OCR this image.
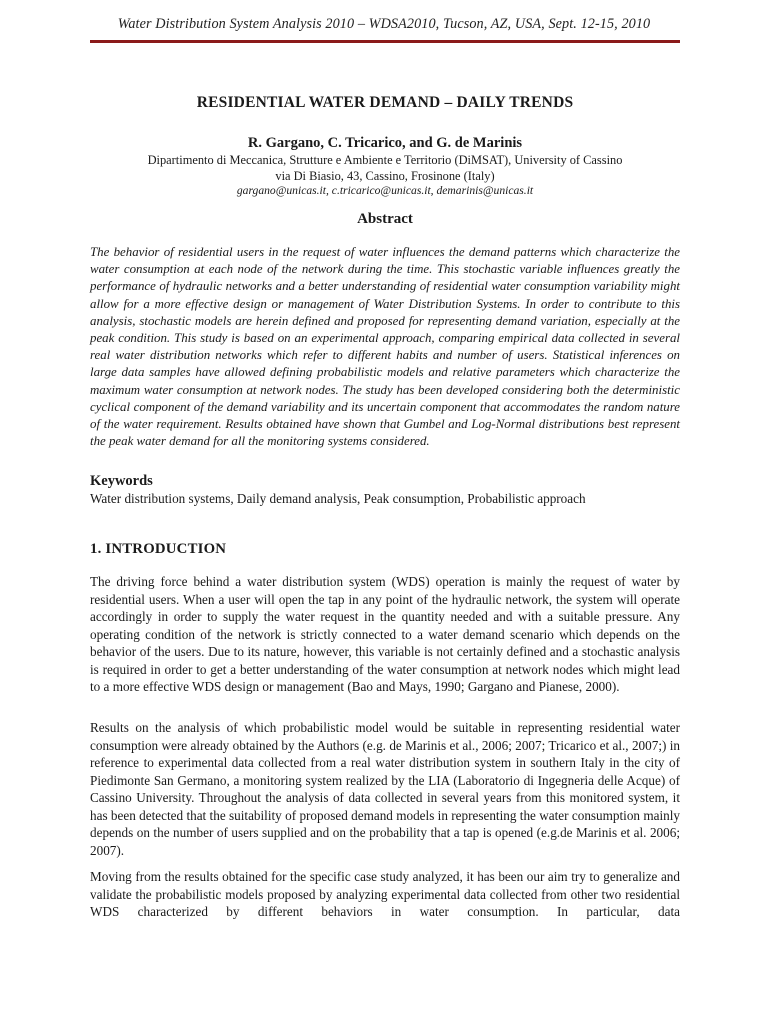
Water Distribution System Analysis 2010 – WDSA2010, Tucson, AZ, USA, Sept. 12-15, 2010
RESIDENTIAL WATER DEMAND – DAILY TRENDS
R. Gargano, C. Tricarico, and G. de Marinis
Dipartimento di Meccanica, Strutture e Ambiente e Territorio (DiMSAT), University of Cassino
via Di Biasio, 43, Cassino, Frosinone (Italy)
gargano@unicas.it, c.tricarico@unicas.it, demarinis@unicas.it
Abstract
The behavior of residential users in the request of water influences the demand patterns which characterize the water consumption at each node of the network during the time. This stochastic variable influences greatly the performance of hydraulic networks and a better understanding of residential water consumption variability might allow for a more effective design or management of Water Distribution Systems. In order to contribute to this analysis, stochastic models are herein defined and proposed for representing demand variation, especially at the peak condition. This study is based on an experimental approach, comparing empirical data collected in several real water distribution networks which refer to different habits and number of users. Statistical inferences on large data samples have allowed defining probabilistic models and relative parameters which characterize the maximum water consumption at network nodes. The study has been developed considering both the deterministic cyclical component of the demand variability and its uncertain component that accommodates the random nature of the water requirement. Results obtained have shown that Gumbel and Log-Normal distributions best represent the peak water demand for all the monitoring systems considered.
Keywords
Water distribution systems, Daily demand analysis, Peak consumption, Probabilistic approach
1. INTRODUCTION
The driving force behind a water distribution system (WDS) operation is mainly the request of water by residential users. When a user will open the tap in any point of the hydraulic network, the system will operate accordingly in order to supply the water request in the quantity needed and with a suitable pressure. Any operating condition of the network is strictly connected to a water demand scenario which depends on the behavior of the users. Due to its nature, however, this variable is not certainly defined and a stochastic analysis is required in order to get a better understanding of the water consumption at network nodes which might lead to a more effective WDS design or management (Bao and Mays, 1990; Gargano and Pianese, 2000).
Results on the analysis of which probabilistic model would be suitable in representing residential water consumption were already obtained by the Authors (e.g. de Marinis et al., 2006; 2007; Tricarico et al., 2007;) in reference to experimental data collected from a real water distribution system in southern Italy in the city of Piedimonte San Germano, a monitoring system realized by the LIA (Laboratorio di Ingegneria delle Acque) of Cassino University. Throughout the analysis of data collected in several years from this monitored system, it has been detected that the suitability of proposed demand models in representing the water consumption mainly depends on the number of users supplied and on the probability that a tap is opened (e.g.de Marinis et al. 2006; 2007).
Moving from the results obtained for the specific case study analyzed, it has been our aim try to generalize and validate the probabilistic models proposed by analyzing experimental data collected from other two residential WDS characterized by different behaviors in water consumption. In particular, data
